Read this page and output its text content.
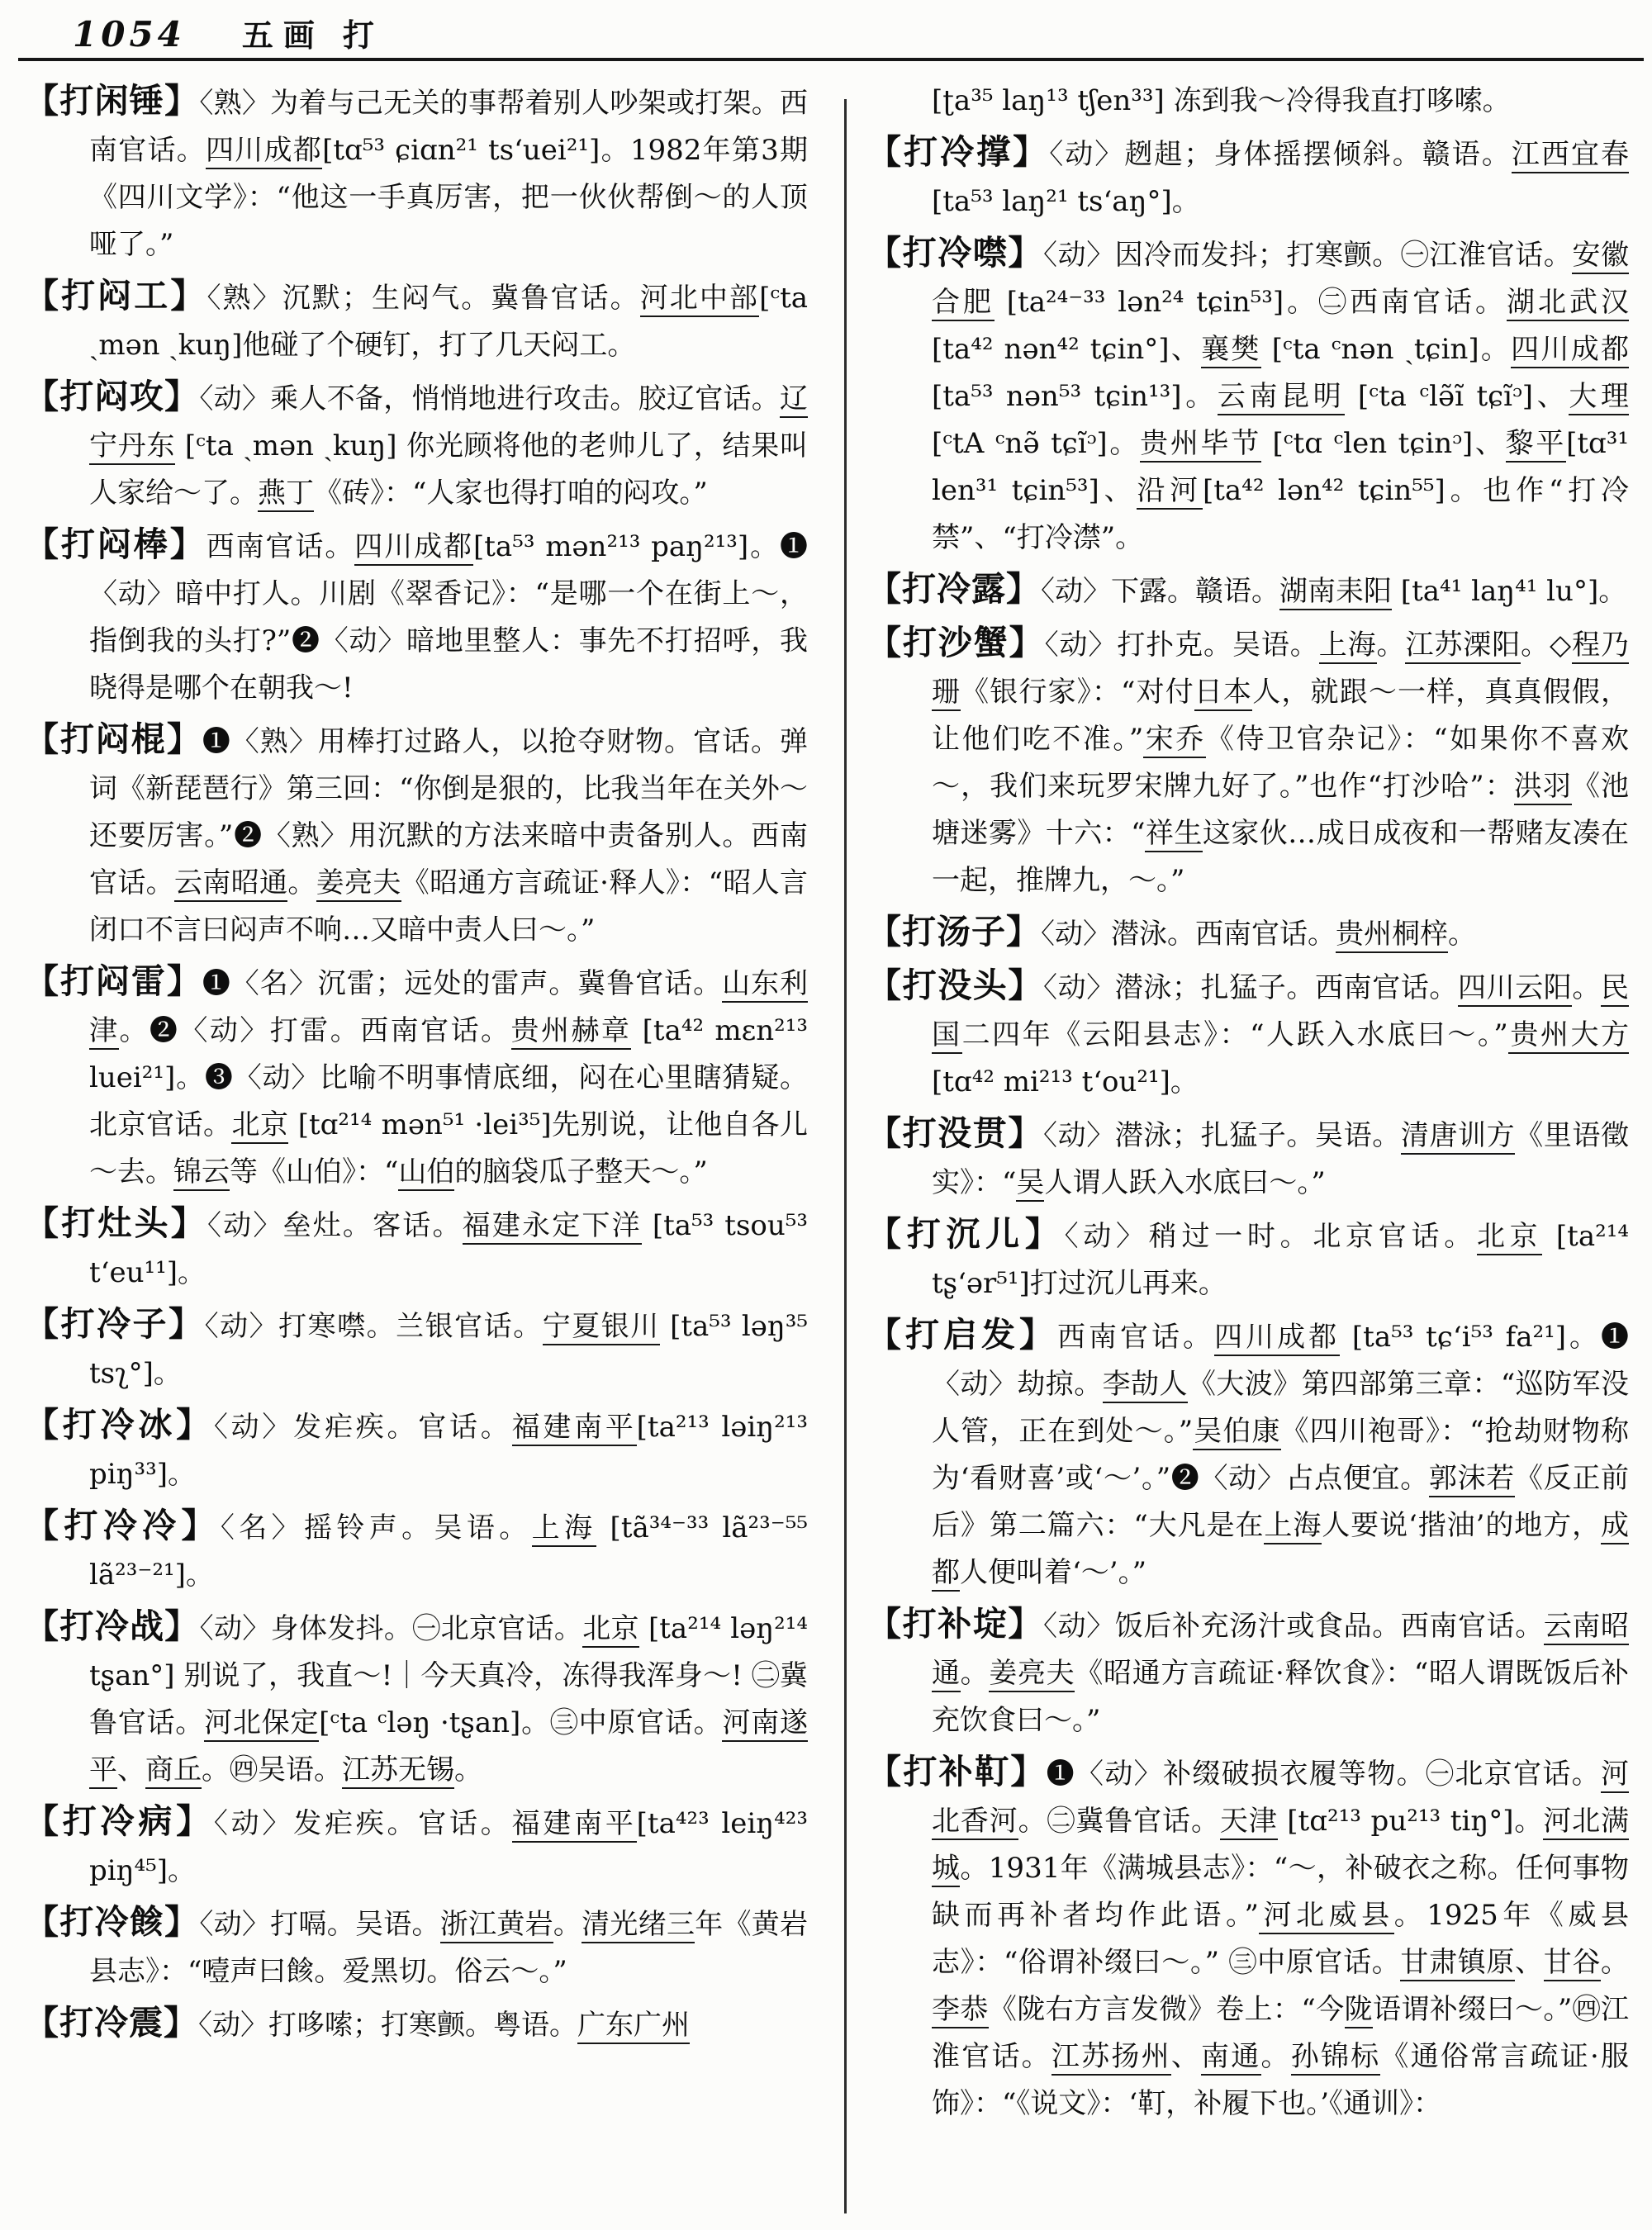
1054 五画 打
【打闲锤】〈熟〉为着与己无关的事帮着别人吵架或打架。西南官话。四川成都[tɑ⁵³ ɕiɑn²¹ ts‘uei²¹]。1982年第3期《四川文学》：“他这一手真厉害，把一伙伙帮倒～的人顶哑了。”
【打闷工】〈熟〉沉默；生闷气。冀鲁官话。河北中部[ᶜta ˎmən ˎkuŋ]他碰了个硬钉，打了几天闷工。
【打闷攻】〈动〉乘人不备，悄悄地进行攻击。胶辽官话。辽宁丹东 [ᶜta ˎmən ˎkuŋ] 你光顾将他的老帅儿了，结果叫人家给～了。燕丁《砖》：“人家也得打咱的闷攻。”
【打闷棒】西南官话。四川成都[ta⁵³ mən²¹³ paŋ²¹³]。❶〈动〉暗中打人。川剧《翠香记》：“是哪一个在街上～，指倒我的头打?”❷〈动〉暗地里整人：事先不打招呼，我晓得是哪个在朝我～!
【打闷棍】❶〈熟〉用棒打过路人，以抢夺财物。官话。弹词《新琵琶行》第三回：“你倒是狠的，比我当年在关外～还要厉害。”❷〈熟〉用沉默的方法来暗中责备别人。西南官话。云南昭通。姜亮夫《昭通方言疏证·释人》：“昭人言闭口不言曰闷声不响…又暗中责人曰～。”
【打闷雷】❶〈名〉沉雷；远处的雷声。冀鲁官话。山东利津。❷〈动〉打雷。西南官话。贵州赫章 [ta⁴² mɛn²¹³ luei²¹]。❸〈动〉比喻不明事情底细，闷在心里瞎猜疑。北京官话。北京 [tɑ²¹⁴ mən⁵¹ ·lei³⁵]先别说，让他自各儿～去。锦云等《山伯》：“山伯的脑袋瓜子整天～。”
【打灶头】〈动〉垒灶。客话。福建永定下洋 [ta⁵³ tsou⁵³ t‘eu¹¹]。
【打冷子】〈动〉打寒噤。兰银官话。宁夏银川 [ta⁵³ ləŋ³⁵ tsʅ°]。
【打冷冰】〈动〉发疟疾。官话。福建南平[ta²¹³ ləiŋ²¹³ piŋ³³]。
【打冷冷】〈名〉摇铃声。吴语。上海 [tã³⁴⁻³³ lã²³⁻⁵⁵ lã²³⁻²¹]。
【打冷战】〈动〉身体发抖。㊀北京官话。北京 [ta²¹⁴ ləŋ²¹⁴ tʂan°] 别说了，我直～!｜今天真冷，冻得我浑身～! ㊁冀鲁官话。河北保定[ᶜta ᶜləŋ ·tʂan]。㊂中原官话。河南遂平、商丘。㊃吴语。江苏无锡。
【打冷病】〈动〉发疟疾。官话。福建南平[ta⁴²³ leiŋ⁴²³ piŋ⁴⁵]。
【打冷餩】〈动〉打嗝。吴语。浙江黄岩。清光绪三年《黄岩县志》：“噎声曰餩。爱黑切。俗云～。”
【打冷震】〈动〉打哆嗦；打寒颤。粤语。广东广州
[ʈa³⁵ laŋ¹³ tʃen³³] 冻到我～冷得我直打哆嗦。
【打冷撑】〈动〉趔趄；身体摇摆倾斜。赣语。江西宜春 [ta⁵³ laŋ²¹ ts‘aŋ°]。
【打冷噤】〈动〉因冷而发抖；打寒颤。㊀江淮官话。安徽合肥 [ta²⁴⁻³³ lən²⁴ tɕin⁵³]。㊁西南官话。湖北武汉 [ta⁴² nən⁴² tɕin°]、襄樊 [ᶜta ᶜnən ˎtɕin]。四川成都 [ta⁵³ nən⁵³ tɕin¹³]。云南昆明 [ᶜta ᶜlə̃ĩ tɕĩᵓ]、大理 [ᶜtA ᶜnə̃ tɕĩᵓ]。贵州毕节 [ᶜtɑ ᶜlen tɕinᵓ]、黎平[tɑ³¹ len³¹ tɕin⁵³]、沿河[ta⁴² lən⁴² tɕin⁵⁵]。也作“打冷禁”、“打冷澿”。
【打冷露】〈动〉下露。赣语。湖南耒阳 [ta⁴¹ laŋ⁴¹ lu°]。
【打沙蟹】〈动〉打扑克。吴语。上海。江苏溧阳。◇程乃珊《银行家》：“对付日本人，就跟～一样，真真假假，让他们吃不准。”宋乔《侍卫官杂记》：“如果你不喜欢～，我们来玩罗宋牌九好了。”也作“打沙哈”：洪羽《池塘迷雾》十六：“祥生这家伙…成日成夜和一帮赌友凑在一起，推牌九，～。”
【打汤子】〈动〉潜泳。西南官话。贵州桐梓。
【打没头】〈动〉潜泳；扎猛子。西南官话。四川云阳。民国二四年《云阳县志》：“人跃入水底曰～。”贵州大方 [tɑ⁴² mi²¹³ t‘ou²¹]。
【打没贯】〈动〉潜泳；扎猛子。吴语。清唐训方《里语徵实》：“吴人谓人跃入水底曰～。”
【打沉儿】〈动〉稍过一时。北京官话。北京 [ta²¹⁴ tʂ‘ər⁵¹]打过沉儿再来。
【打启发】西南官话。四川成都 [ta⁵³ tɕ‘i⁵³ fa²¹]。❶〈动〉劫掠。李劼人《大波》第四部第三章：“巡防军没人管，正在到处～。”吴伯康《四川袍哥》：“抢劫财物称为‘看财喜’或‘～’。”❷〈动〉占点便宜。郭沫若《反正前后》第二篇六：“大凡是在上海人要说‘揩油’的地方，成都人便叫着‘～’。”
【打补埞】〈动〉饭后补充汤汁或食品。西南官话。云南昭通。姜亮夫《昭通方言疏证·释饮食》：“昭人谓既饭后补充饮食曰～。”
【打补靪】❶〈动〉补缀破损衣履等物。㊀北京官话。河北香河。㊁冀鲁官话。天津 [tɑ²¹³ pu²¹³ tiŋ°]。河北满城。1931年《满城县志》：“～，补破衣之称。任何事物缺而再补者均作此语。”河北威县。1925年《威县志》：“俗谓补缀曰～。” ㊂中原官话。甘肃镇原、甘谷。李恭《陇右方言发微》卷上：“今陇语谓补缀曰～。”㊃江淮官话。江苏扬州、南通。孙锦标《通俗常言疏证·服饰》：“《说文》：‘靪，补履下也。’《通训》：
